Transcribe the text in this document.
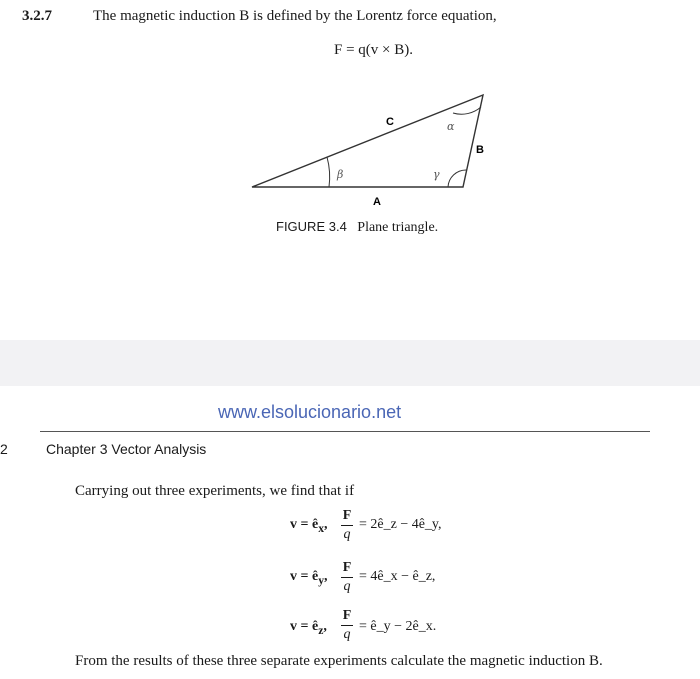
3.2.7	The magnetic induction B is defined by the Lorentz force equation,
F = q(v × B).
C
B
A
β	γ
α
FIGURE 3.4 Plane triangle.
www.elsolucionario.net
2	Chapter 3 Vector Analysis
Carrying out three experiments, we find that if
$v = ê_x$,
F
q
= 2ê_z − 4ê_y,
$v = ê_y$,
F
q
= 4ê_x − ê_z,
$v = ê_z$,
F
q
= ê_y − 2ê_x.
From the results of these three separate experiments calculate the magnetic induction B.
